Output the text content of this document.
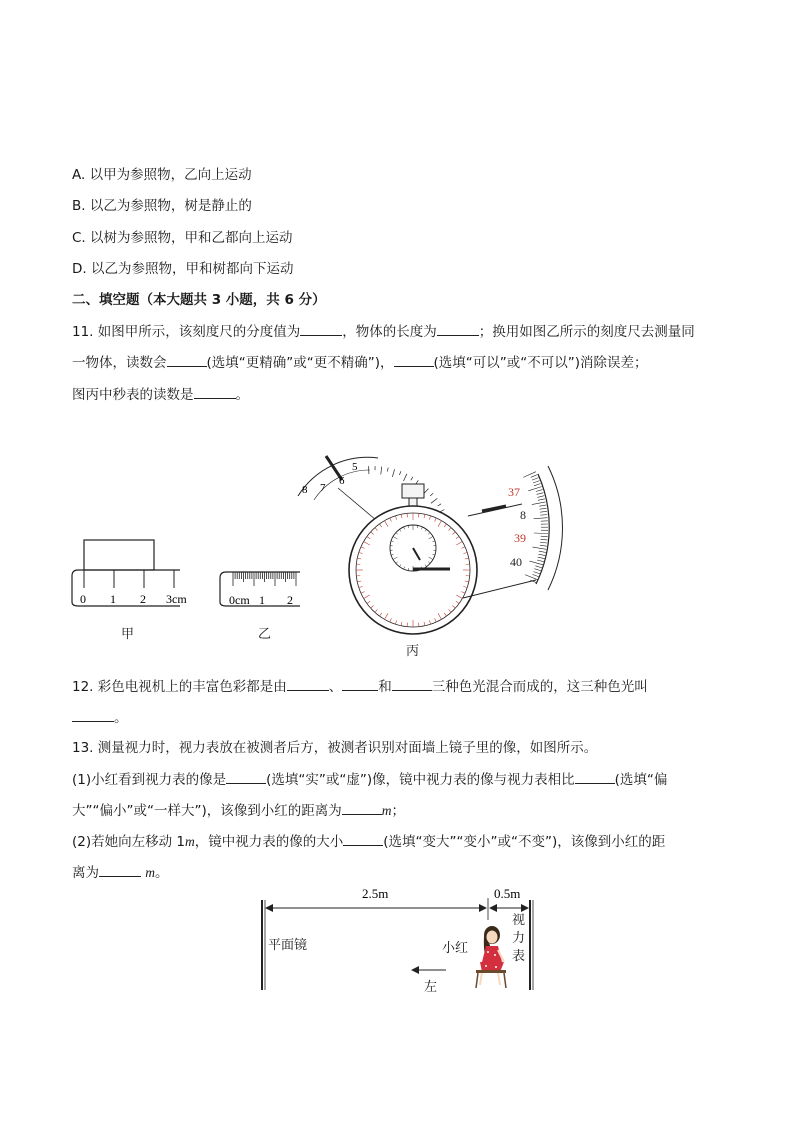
A. 以甲为参照物，乙向上运动
B. 以乙为参照物，树是静止的
C. 以树为参照物，甲和乙都向上运动
D. 以乙为参照物，甲和树都向下运动
二、填空题（本大题共 3 小题，共 6 分）
11. 如图甲所示，该刻度尺的分度值为	，物体的长度为	；换用如图乙所示的刻度尺去测量同
一物体，读数会	(选填“更精确”或“更不精确”)，	(选填“可以”或“不可以”)消除误差；
图丙中秒表的读数是	。
0 1 2 3cm	0cm 1 2
8 7
6
5
37
8
39
40
甲	乙
丙
12. 彩色电视机上的丰富色彩都是由	、	和	三种色光混合而成的，这三种色光叫
。
13. 测量视力时，视力表放在被测者后方，被测者识别对面墙上镜子里的像，如图所示。
(1)小红看到视力表的像是	(选填“实”或“虚”)像，镜中视力表的像与视力表相比	(选填“偏
大”“偏小”或“一样大”)，该像到小红的距离为	m；
(2)若她向左移动 1m，镜中视力表的像的大小	(选填“变大”“变小”或“不变”)，该像到小红的距
离为	m。
2.5m	0.5m
平面镜	小红
视
力
表
左
